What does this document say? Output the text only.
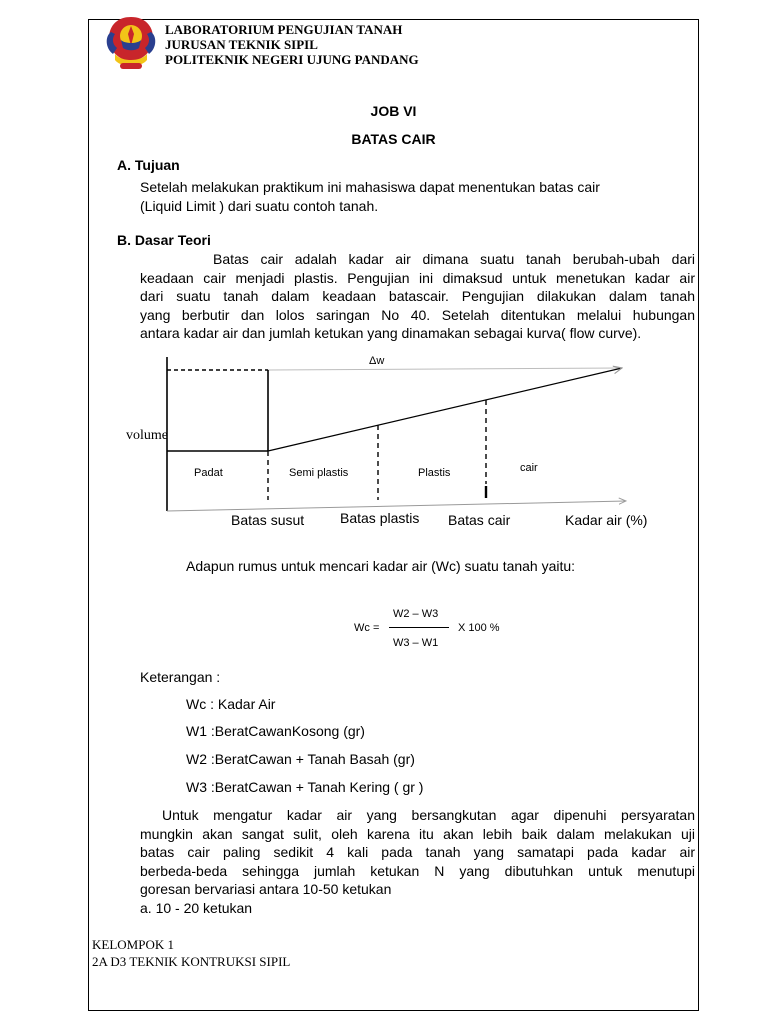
LABORATORIUM PENGUJIAN TANAH
JURUSAN TEKNIK SIPIL
POLITEKNIK NEGERI UJUNG PANDANG
JOB VI
BATAS CAIR
A. Tujuan
Setelah melakukan praktikum ini mahasiswa dapat menentukan batas cair
(Liquid Limit ) dari suatu contoh tanah.
B. Dasar Teori
Batas cair adalah kadar air dimana suatu tanah berubah-ubah dari
keadaan cair menjadi plastis. Pengujian ini dimaksud untuk menetukan kadar air
dari suatu tanah dalam keadaan batascair. Pengujian dilakukan dalam tanah
yang berbutir dan lolos saringan No 40. Setelah ditentukan melalui hubungan
antara kadar air dan jumlah ketukan yang dinamakan sebagai kurva( flow curve).
Δw
volume
Padat	Semi plastis	Plastis	cair
Batas susut	Batas plastis Batas cair	Kadar air (%)
Adapun rumus untuk mencari kadar air (Wc) suatu tanah yaitu:
Wc =
W2 – W3
W3 – W1
X 100 %
Keterangan :
Wc : Kadar Air
W1 :BeratCawanKosong (gr)
W2 :BeratCawan + Tanah Basah (gr)
W3 :BeratCawan + Tanah Kering ( gr )
Untuk mengatur kadar air yang bersangkutan agar dipenuhi persyaratan
mungkin akan sangat sulit, oleh karena itu akan lebih baik dalam melakukan uji
batas cair paling sedikit 4 kali pada tanah yang samatapi pada kadar air
berbeda-beda sehingga jumlah ketukan N yang dibutuhkan untuk menutupi
goresan bervariasi antara 10-50 ketukan
a. 10 - 20 ketukan
KELOMPOK 1
2A D3 TEKNIK KONTRUKSI SIPIL
